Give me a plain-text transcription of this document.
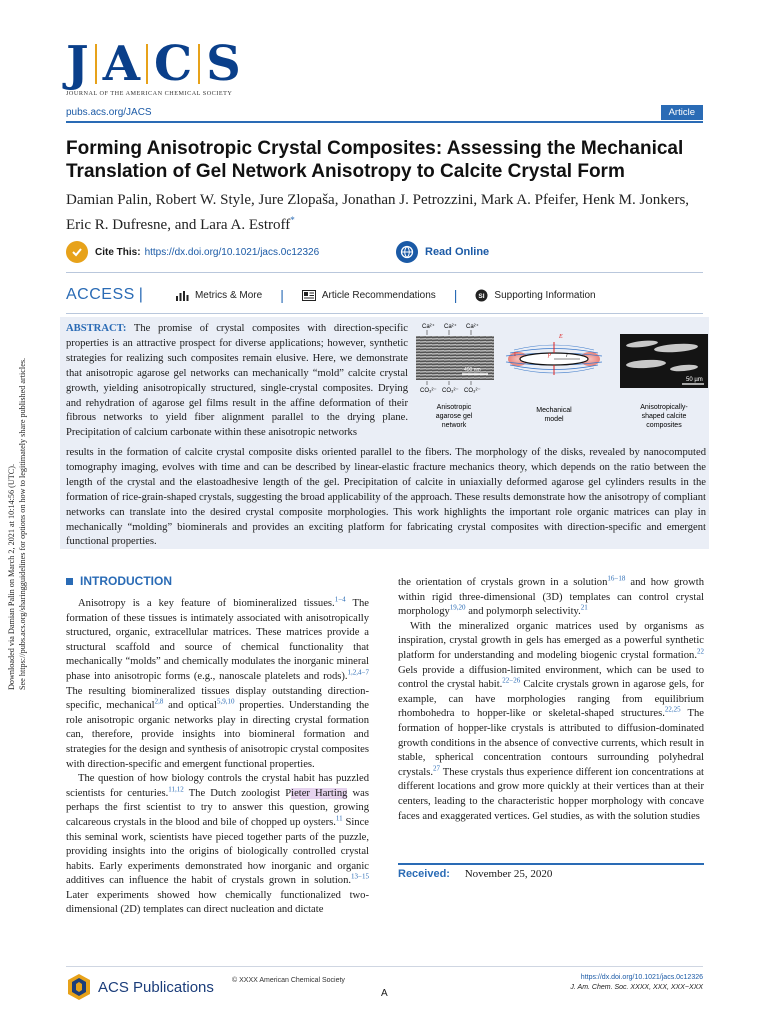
J A C S
JOURNAL OF THE AMERICAN CHEMICAL SOCIETY
pubs.acs.org/JACS	Article
Forming Anisotropic Crystal Composites: Assessing the Mechanical Translation of Gel Network Anisotropy to Calcite Crystal Form
Damian Palin, Robert W. Style, Jure Zlopaša, Jonathan J. Petrozzini, Mark A. Pfeifer, Henk M. Jonkers, Eric R. Dufresne, and Lara A. Estroff*
Cite This: https://dx.doi.org/10.1021/jacs.0c12326	Read Online
ACCESS |	Metrics & More |	Article Recommendations |	SI Supporting Information
ABSTRACT: The promise of crystal composites with direction-specific properties is an attractive prospect for diverse applications; however, synthetic strategies for realizing such composites remain elusive. Here, we demonstrate that anisotropic agarose gel networks can mechanically “mold” calcite crystal growth, yielding anisotropically structured, single-crystal composites. Drying and rehydration of agarose gel films result in the affine deformation of their fibrous networks to yield fiber alignment parallel to the drying plane. Precipitation of calcium carbonate within these anisotropic networks
results in the formation of calcite crystal composite disks oriented parallel to the fibers. The morphology of the disks, revealed by nanocomputed tomography imaging, evolves with time and can be described by linear-elastic fracture mechanics theory, which depends on the ratio between the length of the crystal and the elastoadhesive length of the gel. Precipitation of calcite in uniaxially deformed agarose gel cylinders results in the formation of rice-grain-shaped crystals, suggesting the broad applicability of the approach. These results demonstrate how the anisotropy of compliant networks can translate into the desired crystal composite morphologies. This work highlights the important role organic matrices can play in mechanically “molding” biominerals and provides an exciting platform for fabricating crystal composites with direction-specific and emergent functional properties.
Ca²⁺ Ca²⁺ Ca²⁺
400 nm
CO₃²⁻ CO₃²⁻ CO₃²⁻
E
Γ	p	r
50 µm
Anisotropic agarose gel network
Mechanical model
Anisotropically-shaped calcite composites
Downloaded via Damian Palin on March 2, 2021 at 10:14:56 (UTC). See https://pubs.acs.org/sharingguidelines for options on how to legitimately share published articles.	INTRODUCTION

Anisotropy is a key feature of biomineralized tissues.$^{1-4}$ The formation of these tissues is intimately associated with anisotropically structured, organic, extracellular matrices. These matrices provide a structural scaffold and source of chemical functionality that mechanically “molds” and chemically modulates the inorganic mineral phase into anisotropic forms (e.g., nanoscale platelets and rods).$^{1,2,4-7}$ The resulting biomineralized tissues display outstanding direction-specific, mechanical$^{2,8}$ and optical$^{5,9,10}$ properties. Understanding the role anisotropic organic networks play in directing crystal formation can, therefore, provide insights into biomineral formation and strategies for the design and synthesis of anisotropic crystal composites with direction-specific and emergent functional properties.

The question of how biology controls the crystal habit has puzzled scientists for centuries.$^{11,12}$ The Dutch zoologist Pieter Harting was perhaps the first scientist to try to answer this question, growing calcareous crystals in the blood and bile of chopped up oysters.$^{11}$ Since this seminal work, scientists have pieced together parts of the puzzle, providing insights into the origins of biologically controlled crystal habits. Early experiments demonstrated how inorganic and organic additives can influence the habit of crystals grown in solution.$^{13-15}$ Later experiments showed how chemically functionalized two-dimensional (2D) templates can direct nucleation and dictate

the orientation of crystals grown in a solution$^{16-18}$ and how growth within rigid three-dimensional (3D) templates can control crystal morphology$^{19,20}$ and polymorph selectivity.$^{21}$

With the mineralized organic matrices used by organisms as inspiration, crystal growth in gels has emerged as a powerful synthetic platform for understanding and modeling biogenic crystal formation.$^{22}$ Gels provide a diffusion-limited environment, which can be used to control the crystal habit.$^{22-26}$ Calcite crystals grown in agarose gels, for example, can have morphologies ranging from equilibrium rhombohedra to hopper-like or skeletal-shaped structures.$^{22,25}$ The formation of hopper-like crystals is attributed to diffusion-dominated growth conditions in the absence of convective currents, which result in stable, spherical concentration contours surrounding polyhedral crystals.$^{27}$ These crystals thus experience different ion concentrations at different locations and grow more quickly at their vertices than at their centers, leading to the characteristic hopper morphology with concave faces and exaggerated vertices. Gel studies, as with the solution studies

Received: November 25, 2020
ACS Publications	© XXXX American Chemical Society
A
https://dx.doi.org/10.1021/jacs.0c12326
J. Am. Chem. Soc. XXXX, XXX, XXX−XXX
